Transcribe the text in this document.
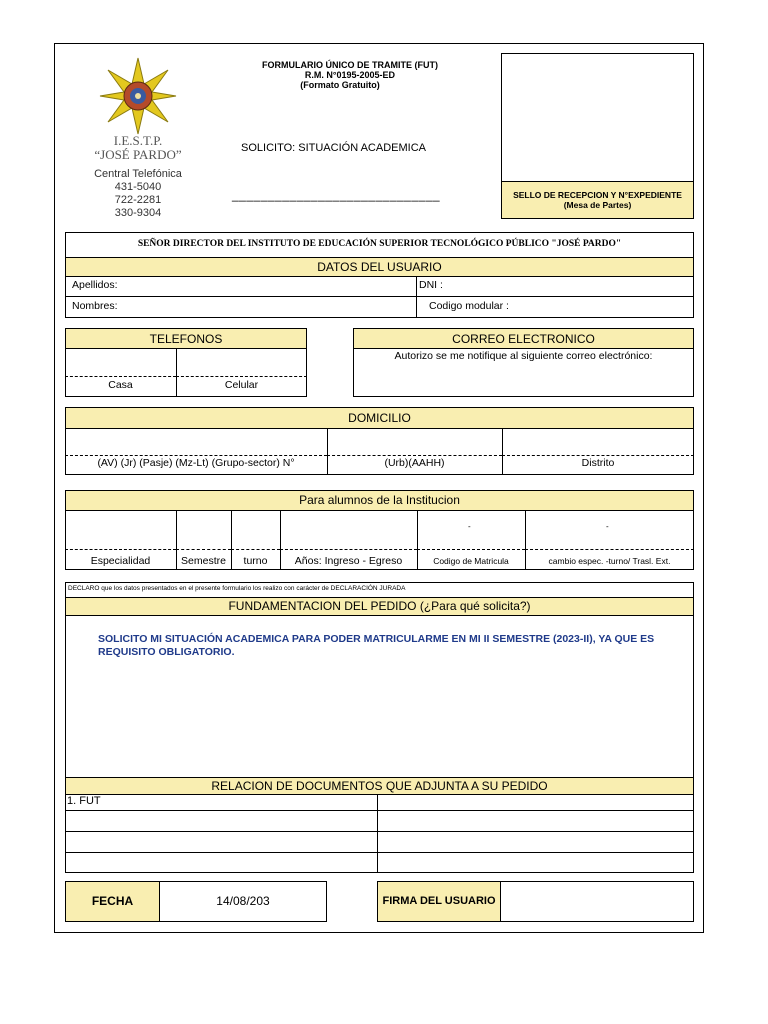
I.E.S.T.P.
“JOSÉ PARDO”
Central Telefónica
431-5040
722-2281
330-9304
FORMULARIO ÚNICO DE TRAMITE (FUT)
R.M. N°0195-2005-ED
(Formato Gratuito)
SOLICITO: SITUACIÓN ACADEMICA
_____________________________	SELLO DE RECEPCION Y N°EXPEDIENTE
(Mesa de Partes)
SEÑOR DIRECTOR DEL INSTITUTO DE EDUCACIÓN SUPERIOR TECNOLÓGICO PÚBLICO "JOSÉ PARDO"
DATOS DEL USUARIO
Apellidos:	DNI :
Nombres:	Codigo modular :
TELEFONOS
Casa	Celular
CORREO ELECTRONICO
Autorizo se me notifique al siguiente correo electrónico:
DOMICILIO
(AV) (Jr) (Pasje) (Mz-Lt) (Grupo-sector) N°	(Urb)(AAHH)	Distrito
Para alumnos de la Institucion
-	-
Especialidad	Semestre	turno	Años: Ingreso - Egreso	Codigo de Matricula	cambio espec. -turno/ Trasl. Ext.
DECLARO que los datos presentados en el presente formulario los realizo con carácter de DECLARACIÓN JURADA
FUNDAMENTACION DEL PEDIDO (¿Para qué solicita?)
SOLICITO MI SITUACIÓN ACADEMICA PARA PODER MATRICULARME EN MI II SEMESTRE (2023-II), YA QUE ES REQUISITO OBLIGATORIO.
RELACION DE DOCUMENTOS QUE ADJUNTA A SU PEDIDO
1. FUT
FECHA	14/08/203	FIRMA DEL USUARIO
